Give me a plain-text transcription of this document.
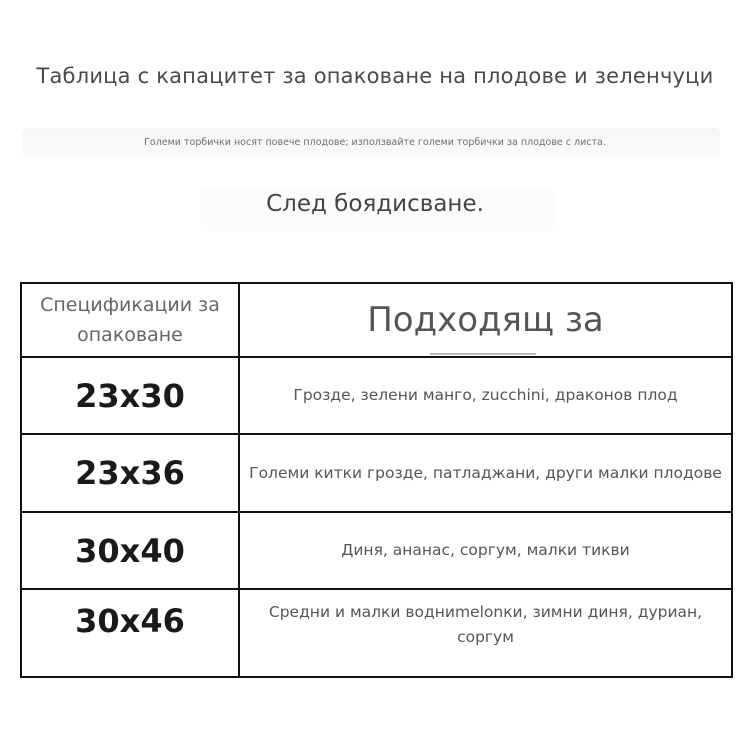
Таблица с капацитет за опаковане на плодове и зеленчуци
Големи торбички носят повече плодове; използвайте големи торбички за плодове с листа.
След боядисване.
Спецификации за опаковане	Подходящ за

23x30	Грозде, зелени манго, zucchini, драконов плод
23x36	Големи китки грозде, патладжани, други малки плодове
30x40	Диня, ананас, соргум, малки тикви
30x46	Средни и малки водниmelonки, зимни диня, дуриан, соргум
